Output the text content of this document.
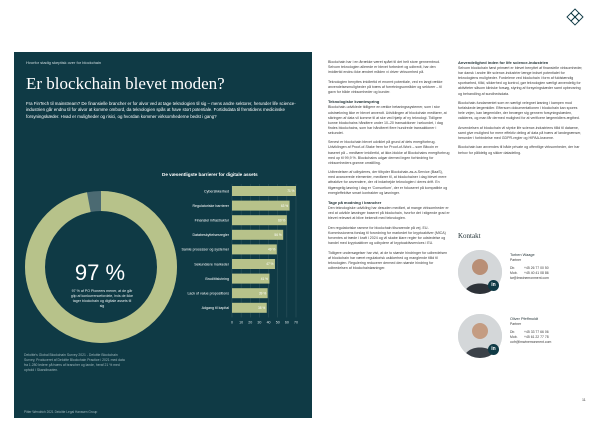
Hvorfor stadig skeptisk over for blockchain
Er blockchain blevet moden?

Fra FinTech til mainstream? De finansielle brancher er for alvor ved at tage teknologien til sig – mens andre sektorer, herunder life science-industrien går endnu til for alvor at komme ombord, da teknologien spås at have stort potentiale. Fortidsdata til fremtidens medicinske forsyningskæder. Hvad er muligheder og risici, og hvordan kommer virksomhederne bedst i gang?

97 %

97 % af PO Pioneers mener, at de går glip af konkurrencefordele, hvis de ikke tager blockchain og digitale assets til sig

Deloitte's Global Blockchain Survey 2021 - Deloitte Blockchain Survey, Produceret af Deloitte Blockchain Practice i 2021 med data fra 1.280 ledere på tværs af brancher og lande, heraf 21 % med ophold i Skandinavien.

Pitter Wendrich 2021 Deloitte Legal Hanssen Group
De væsentligste barrierer for digitale assets
0 10 20 30 40 50 60 70
Cybersikkerhed	71 %
Regulatoriske barrierer	63 %
Finansiel infrastruktur	60 %
Databeskyttelsesregler	56 %
Samle processer og systemer	49 %
Sekundære markeder	47 %
Brud/tilslutning	41 %
Lack of value propositions	39 %
Adgang til kapital	38 %

Blockchain har i en årrække været spået til det helt store gennembrud. Selvom teknologien allerede er blevet forbedret og udbredt, har den imidlertid endnu ikke ændret måden vi driver virksomhed på.

Teknologien benyttes imidlertid et enormt potentiale, ved en langt række anvendelsesmuligheder på tværs af forretningsområder og sektorer – til gavn for både virksomheder og kunder.

Teknologiske kvantespring

Blockchain-udviklede tidligere en række betaningssystemer, som i stor udstrækning ikke er blevet anvendt. Udviklingen af blockchain medfører, at sikringen af data vil komme til at ske ved hjælp af ny teknologi. Tidligere kunne blockchains håndtere under 10–20 transaktioner i sekundet, i dag findes blockchains, som har håndteret flere hundrede transaktioner i sekundet.

Senest er blockchain blevet udviklet på grund af dets energiforbrug. Udviklingen af Proof-of-Stake frem for Proof-of-Work – som Bitcoin er baseret på – medfører imidlertid, at ikke-blokke af Blockchains energiforbrug med op til 99,9 %. Blockchains udgør dermed ingen forhindring for virksomheders grønne omstilling.

Udbredelsen af udbyderes, der tilbyder Blockchain-as-a-Service (BaaS), med avancerede elementer, medfører til, at blockchainer i dag blevet mere attraktive for anvendere, der vil indarbejde teknologien i deres drift. En tilgængelig løsning i dag er 'Consortium', der er fokuseret på kompatible og energieffektive smart kontrakter og løsninger.

Tage på modning i brancher

Den teknologiske udvikling har desuden medført, at mange virksomheder er ved at udvikle løsninger baseret på blockchain, hvorfor det i stigende grad er blevet relevant at blive bekendt med teknologien.

Den regulatoriske ramme for blockchain tilsvarende på vej. EU-Kommissionens forslag til forordning for markedet for kryptoaktiver (MiCA) forventes at træde i kraft i 2024 og vil skabe klare regler for udstedelse og handel med kryptoaktiver og udbydere af kryptoaktivservices i EU.

Tidligere undersøgelser har vist, at de to største hindringer for udbredelsen af blockchain har været regulatorisk usikkerhed og manglende tillid til teknologien. Regulering reducerer dermed den største hindring for udbredelsen af blockchainløsninger.

Anvendelighed inden for life science-industrien

Selvom blockchain først primært er blevet benyttet af finansielle virksomheder, har dansk i andre life science-industrier længe indset potentialet for teknologiens muligheder. Fordelene ved blockchain i form af fuldstændig sporbarhed, tillid, sikkerhed og kontrol, gør teknologien særligt anvendelig for aktiviteter såsom kliniske forsøg, styring af forsyningskæder samt opbevaring og behandling af sundhedsdata.

Blockchain-fundamentet som en særligt velegnet løsning i kampen mod forfalskede lægemidler. Eftersom dokumentationen i blockchain kan spores hele vejen, kan lægemidler, der bevæger sig gennem forsyningskæden, valideres, og man får dermed mulighed for at verificere lægemidlers ægthed.

Anvendelsen af blockchain vil styrke life science-industriens tillid til dataene, samt give mulighed for mere effektiv deling af data på tværs af landegrænser, herunder i forbindelse med GDPR-regler og HIPAA-kravene.

Blockchain kan anvendes til både private og offentlige virksomheder, der har behov for pålidelig og sikker datadeling.

Kontakt
in
Torben Waage
Partner
Dir.	+45 26 77 00 50
Mob. +45 40 41 08 86
tw@lmwinemonment.com
in
Oliver Pfeffmoldt
Partner
Dir.	+45 33 77 66 06
Mob. +45 61 22 77 78
oofr@lmwinemonment.com
11
